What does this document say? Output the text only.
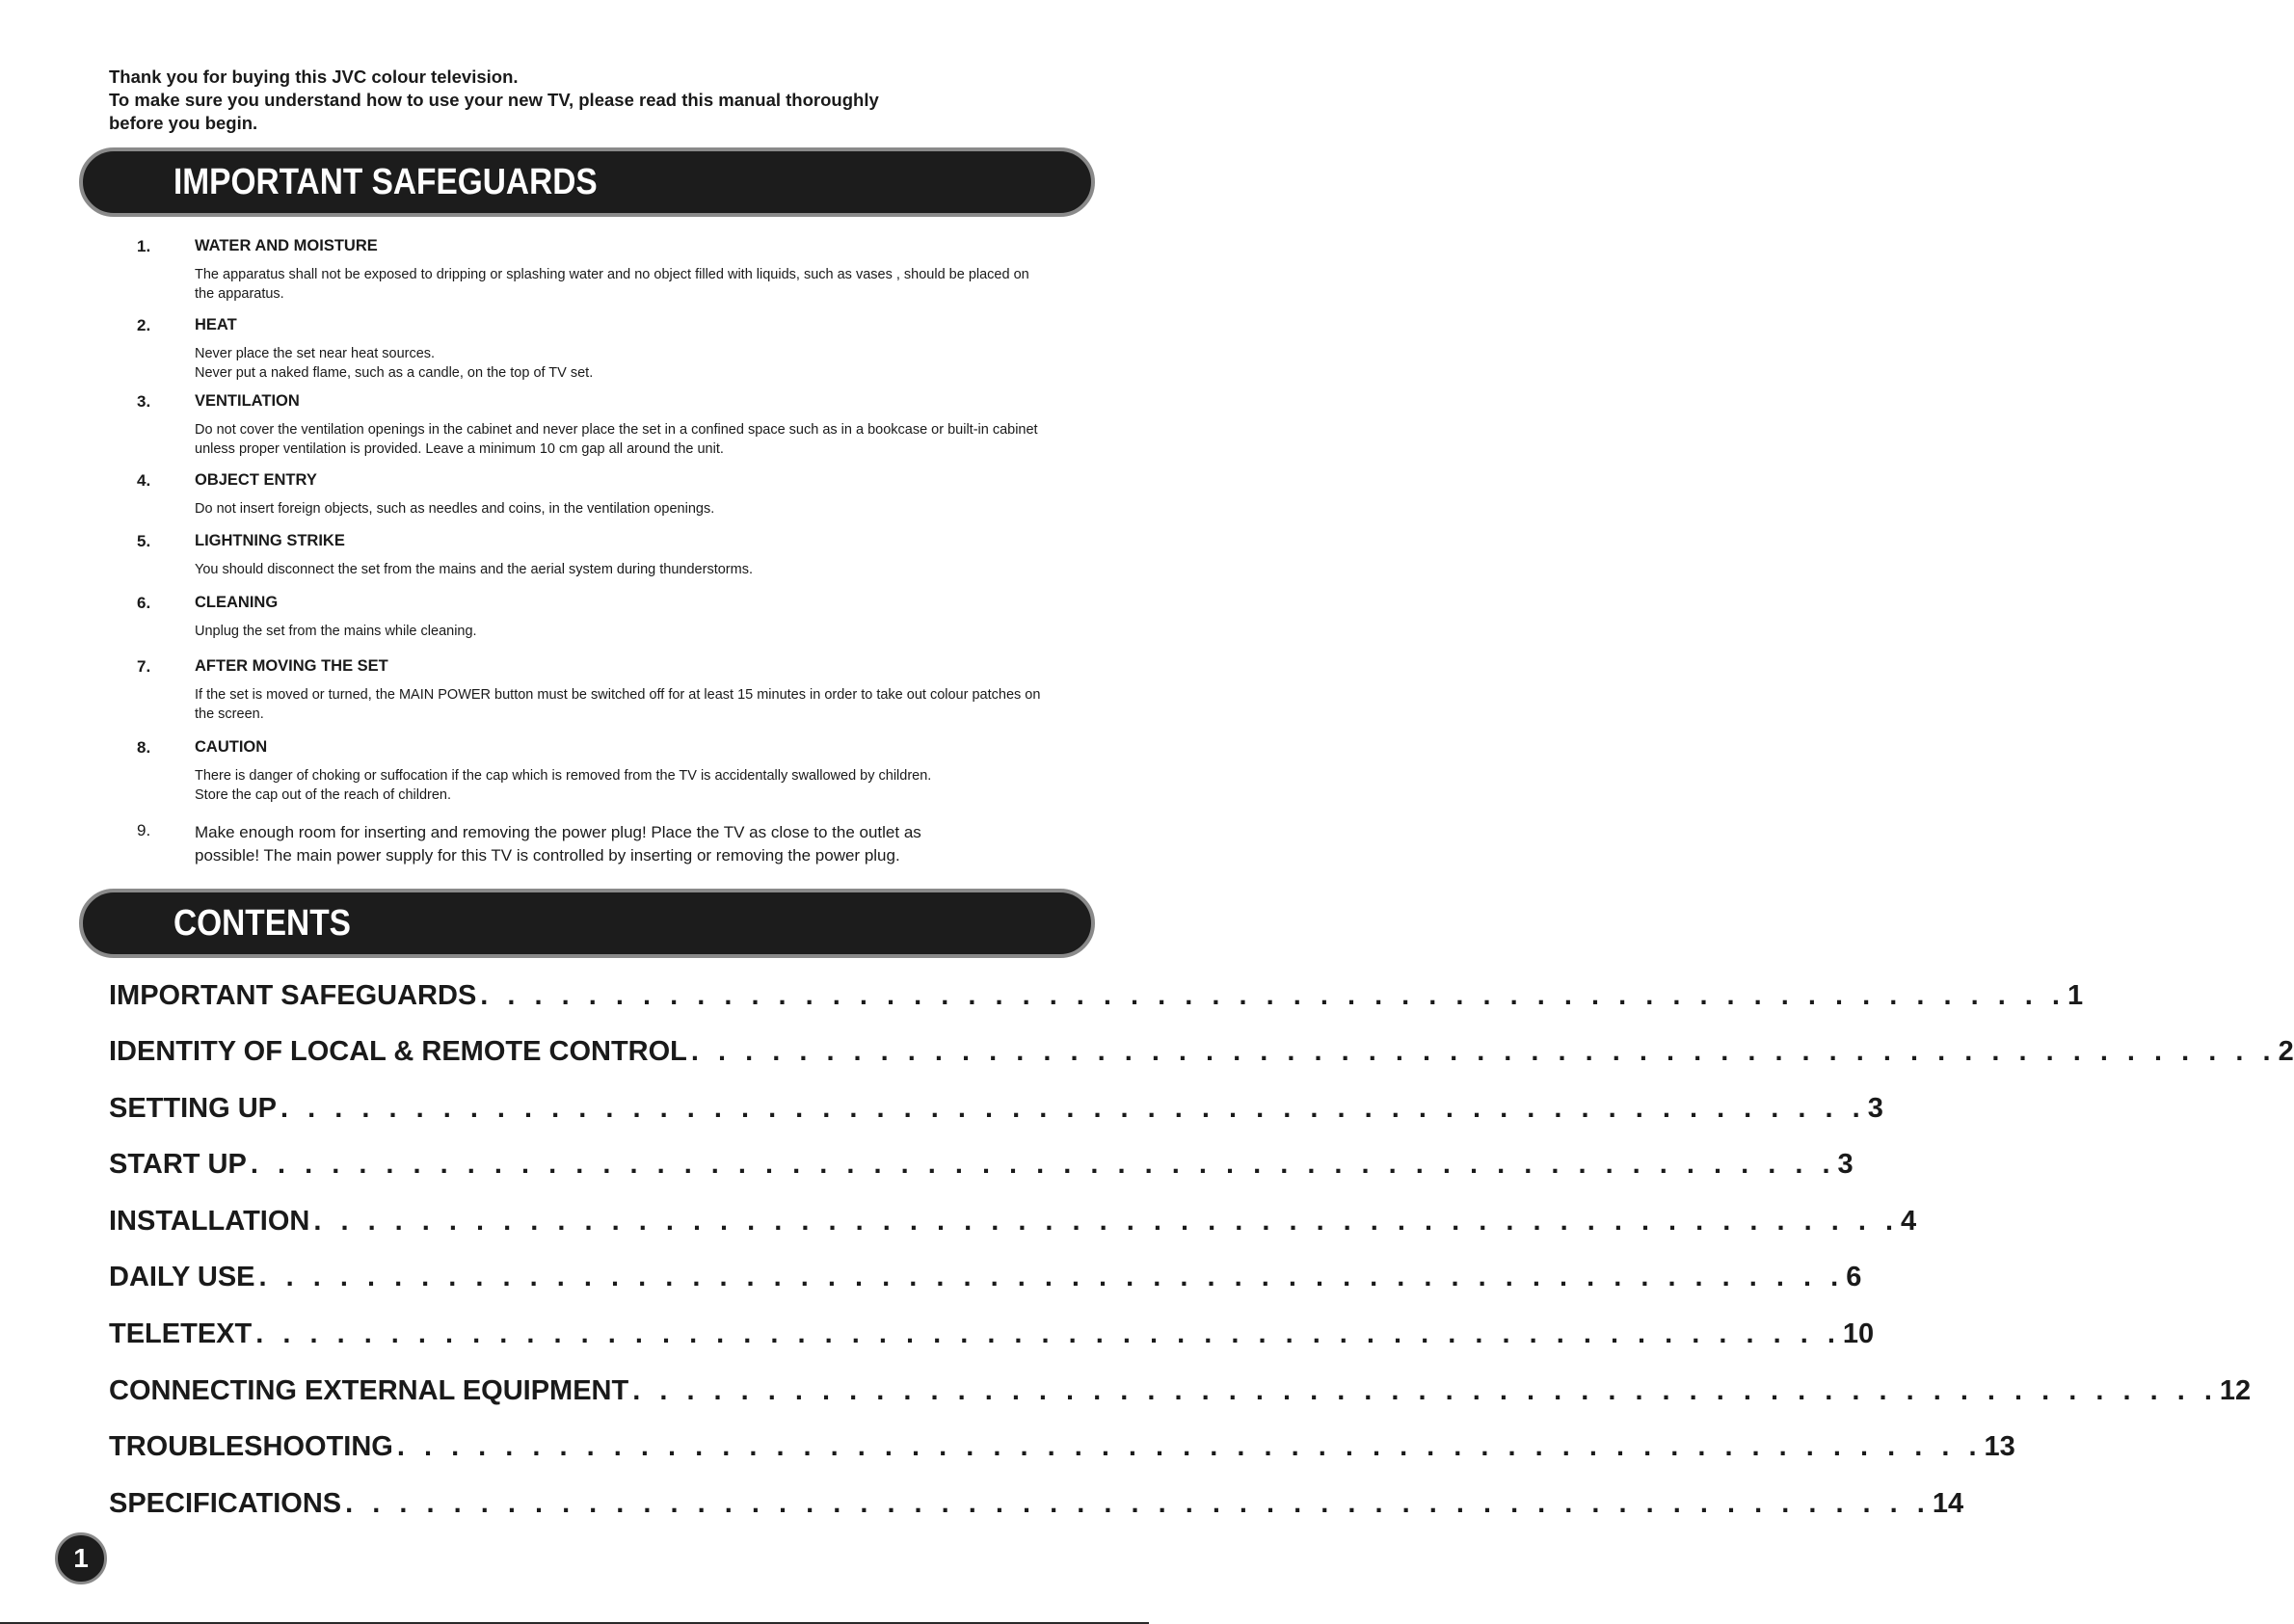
Thank you for buying this JVC colour television.

To make sure you understand how to use your new TV, please read this manual thoroughly

before you begin.

IMPORTANT SAFEGUARDS
1.	WATER AND MOISTURE

The apparatus shall not be exposed to dripping or splashing water and no object filled with liquids, such as vases , should be placed on the apparatus.

2.	HEAT

Never place the set near heat sources.

Never put a naked flame, such as a candle, on the top of TV set.

3.	VENTILATION

Do not cover the ventilation openings in the cabinet and never place the set in a confined space such as in a bookcase or built-in cabinet unless proper ventilation is provided. Leave a minimum 10 cm gap all around the unit.

4.	OBJECT ENTRY

Do not insert foreign objects, such as needles and coins, in the ventilation openings.

5.	LIGHTNING STRIKE

You should disconnect the set from the mains and the aerial system during thunderstorms.

6.	CLEANING

Unplug the set from the mains while cleaning.

7.	AFTER MOVING THE SET

If the set is moved or turned, the MAIN POWER button must be switched off for at least 15 minutes in order to take out colour patches on the screen.

8.	CAUTION

There is danger of choking or suffocation if the cap which is removed from the TV is accidentally swallowed by children.

Store the cap out of the reach of children.

9.	Make enough room for inserting and removing the power plug! Place the TV as close to the outlet as

possible! The main power supply for this TV is controlled by inserting or removing the power plug.

CONTENTS
IMPORTANT SAFEGUARDS . . . . . . . . . . . . . . . . . . . . . . . . . . . . . . . . . . . . . . . . . . . . . . . . . . . . . . . . . . . 1
IDENTITY OF LOCAL & REMOTE CONTROL . . . . . . . . . . . . . . . . . . . . . . . . . . . . . . . . . . . . . . . . . . . . . . . . . . . . . . . . . . . 2
SETTING UP . . . . . . . . . . . . . . . . . . . . . . . . . . . . . . . . . . . . . . . . . . . . . . . . . . . . . . . . . . . 3
START UP . . . . . . . . . . . . . . . . . . . . . . . . . . . . . . . . . . . . . . . . . . . . . . . . . . . . . . . . . . . 3
INSTALLATION . . . . . . . . . . . . . . . . . . . . . . . . . . . . . . . . . . . . . . . . . . . . . . . . . . . . . . . . . . . 4
DAILY USE . . . . . . . . . . . . . . . . . . . . . . . . . . . . . . . . . . . . . . . . . . . . . . . . . . . . . . . . . . . 6
TELETEXT . . . . . . . . . . . . . . . . . . . . . . . . . . . . . . . . . . . . . . . . . . . . . . . . . . . . . . . . . . . 10
CONNECTING EXTERNAL EQUIPMENT . . . . . . . . . . . . . . . . . . . . . . . . . . . . . . . . . . . . . . . . . . . . . . . . . . . . . . . . . . . 12
TROUBLESHOOTING . . . . . . . . . . . . . . . . . . . . . . . . . . . . . . . . . . . . . . . . . . . . . . . . . . . . . . . . . . . 13
SPECIFICATIONS . . . . . . . . . . . . . . . . . . . . . . . . . . . . . . . . . . . . . . . . . . . . . . . . . . . . . . . . . . . 14
1
